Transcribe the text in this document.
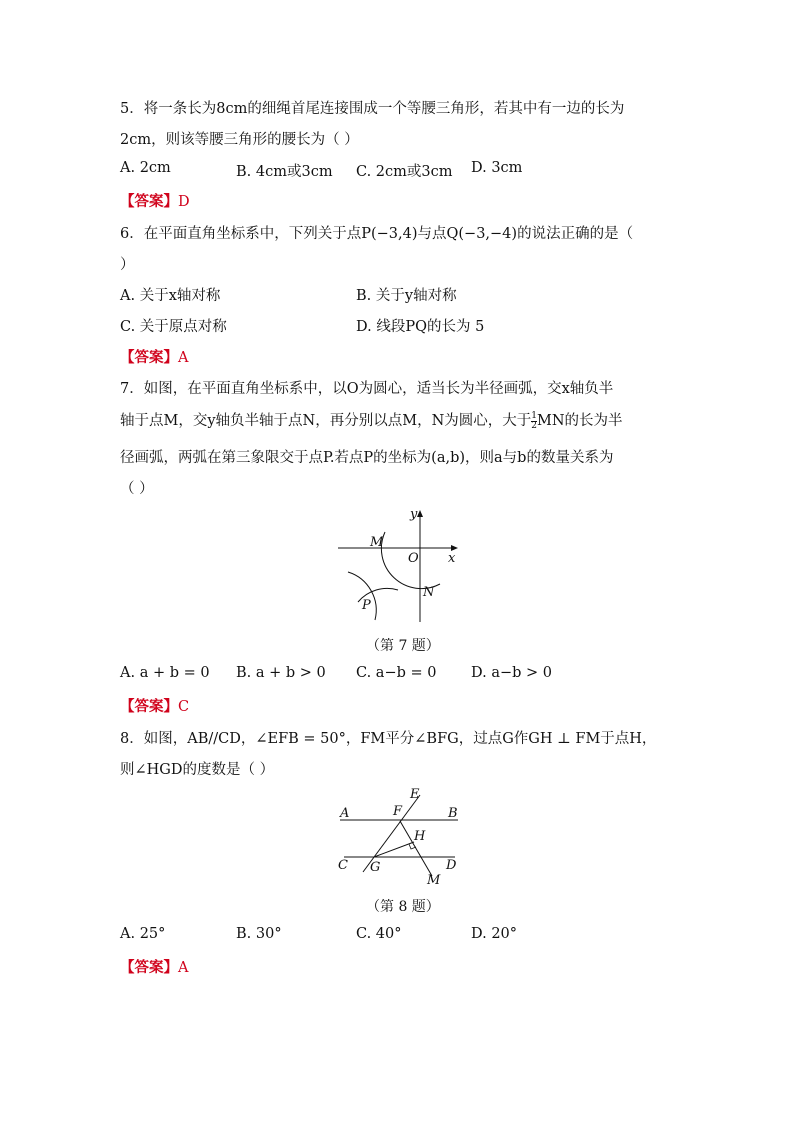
5．将一条长为8cm的细绳首尾连接围成一个等腰三角形，若其中有一边的长为
2cm，则该等腰三角形的腰长为（ ）
A. 2cm	B. 4cm或3cm C. 2cm或3cm D. 3cm
【答案】D
6．在平面直角坐标系中，下列关于点P(−3,4)与点Q(−3,−4)的说法正确的是（
）
A. 关于x轴对称	B. 关于y轴对称
C. 关于原点对称	D. 线段PQ的长为 5
【答案】A
7．如图，在平面直角坐标系中，以O为圆心，适当长为半径画弧，交x轴负半
轴于点M，交y轴负半轴于点N，再分别以点M，N为圆心，大于 $\frac{1}{2}$ MN的长为半
径画弧，两弧在第三象限交于点P.若点P的坐标为(a,b)，则a与b的数量关系为
（ ）
y
x
M
O
N
P
（第 7 题）
A. a + b = 0 B. a + b > 0 C. a−b = 0 D. a−b > 0
【答案】C
8．如图，AB//CD，∠EFB = 50°，FM平分∠BFG，过点G作GH ⊥ FM于点H，
则∠HGD的度数是（ ）
E
A	F	B
H
C G	D
M
（第 8 题）
A. 25°	B. 30°	C. 40°	D. 20°
【答案】A
